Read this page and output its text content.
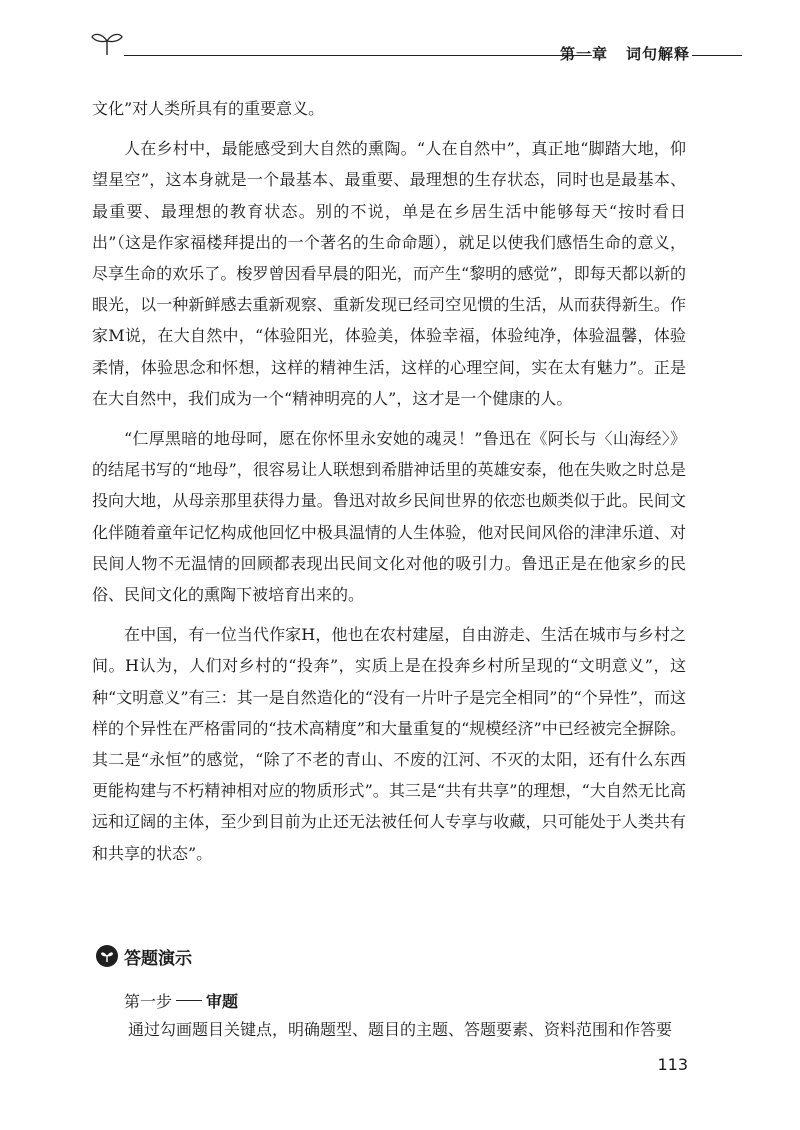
第一章 词句解释

文化”对人类所具有的重要意义。

人在乡村中，最能感受到大自然的熏陶。“人在自然中”，真正地“脚踏大地，仰望星空”，这本身就是一个最基本、最重要、最理想的生存状态，同时也是最基本、最重要、最理想的教育状态。别的不说，单是在乡居生活中能够每天“按时看日出”（这是作家福楼拜提出的一个著名的生命命题），就足以使我们感悟生命的意义，尽享生命的欢乐了。梭罗曾因看早晨的阳光，而产生“黎明的感觉”，即每天都以新的眼光，以一种新鲜感去重新观察、重新发现已经司空见惯的生活，从而获得新生。作家M说，在大自然中，“体验阳光，体验美，体验幸福，体验纯净，体验温馨，体验柔情，体验思念和怀想，这样的精神生活，这样的心理空间，实在太有魅力”。正是在大自然中，我们成为一个“精神明亮的人”，这才是一个健康的人。

“仁厚黑暗的地母呵，愿在你怀里永安她的魂灵！”鲁迅在《阿长与〈山海经〉》的结尾书写的“地母”，很容易让人联想到希腊神话里的英雄安泰，他在失败之时总是投向大地，从母亲那里获得力量。鲁迅对故乡民间世界的依恋也颇类似于此。民间文化伴随着童年记忆构成他回忆中极具温情的人生体验，他对民间风俗的津津乐道、对民间人物不无温情的回顾都表现出民间文化对他的吸引力。鲁迅正是在他家乡的民俗、民间文化的熏陶下被培育出来的。

在中国，有一位当代作家H，他也在农村建屋，自由游走、生活在城市与乡村之间。H认为，人们对乡村的“投奔”，实质上是在投奔乡村所呈现的“文明意义”，这种“文明意义”有三：其一是自然造化的“没有一片叶子是完全相同”的“个异性”，而这样的个异性在严格雷同的“技术高精度”和大量重复的“规模经济”中已经被完全摒除。其二是“永恒”的感觉，“除了不老的青山、不废的江河、不灭的太阳，还有什么东西更能构建与不朽精神相对应的物质形式”。其三是“共有共享”的理想，“大自然无比高远和辽阔的主体，至少到目前为止还无法被任何人专享与收藏，只可能处于人类共有和共享的状态”。

答题演示
第一步 审题
通过勾画题目关键点，明确题型、题目的主题、答题要素、资料范围和作答要
113
